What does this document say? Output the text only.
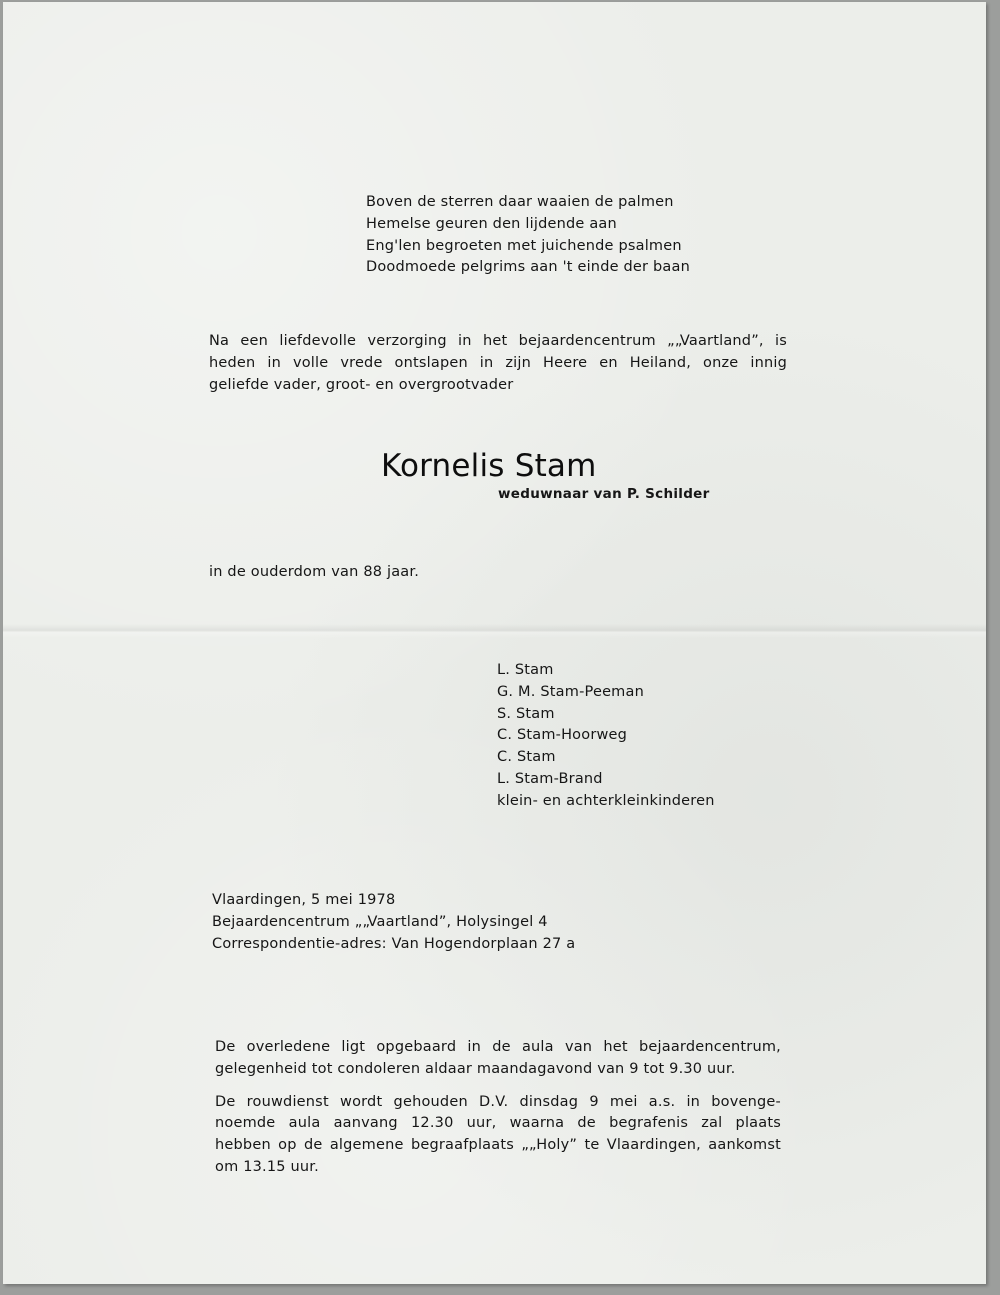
Boven de sterren daar waaien de palmen
Hemelse geuren den lijdende aan
Eng'len begroeten met juichende psalmen
Doodmoede pelgrims aan 't einde der baan
Na een liefdevolle verzorging in het bejaardencentrum „„Vaartland”, is
heden in volle vrede ontslapen in zijn Heere en Heiland, onze innig
geliefde vader, groot- en overgrootvader
Kornelis Stam
weduwnaar van P. Schilder
in de ouderdom van 88 jaar.
L. Stam
G. M. Stam-Peeman
S. Stam
C. Stam-Hoorweg
C. Stam
L. Stam-Brand
klein- en achterkleinkinderen
Vlaardingen, 5 mei 1978
Bejaardencentrum „„Vaartland”, Holysingel 4
Correspondentie-adres: Van Hogendorplaan 27 a
De overledene ligt opgebaard in de aula van het bejaardencentrum,
gelegenheid tot condoleren aldaar maandagavond van 9 tot 9.30 uur.
De rouwdienst wordt gehouden D.V. dinsdag 9 mei a.s. in bovenge-
noemde aula aanvang 12.30 uur, waarna de begrafenis zal plaats
hebben op de algemene begraafplaats „„Holy” te Vlaardingen, aankomst
om 13.15 uur.
